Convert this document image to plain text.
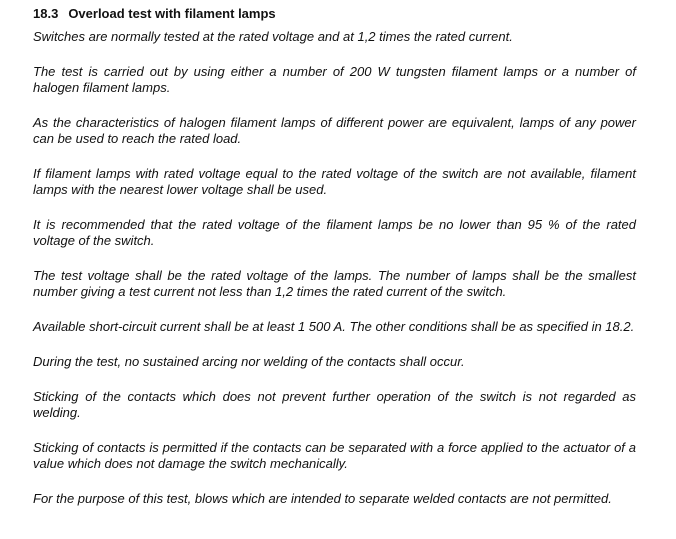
18.3 Overload test with filament lamps

Switches are normally tested at the rated voltage and at 1,2 times the rated current.

The test is carried out by using either a number of 200 W tungsten filament lamps or a number of halogen filament lamps.

As the characteristics of halogen filament lamps of different power are equivalent, lamps of any power can be used to reach the rated load.

If filament lamps with rated voltage equal to the rated voltage of the switch are not available, filament lamps with the nearest lower voltage shall be used.

It is recommended that the rated voltage of the filament lamps be no lower than 95 % of the rated voltage of the switch.

The test voltage shall be the rated voltage of the lamps. The number of lamps shall be the smallest number giving a test current not less than 1,2 times the rated current of the switch.

Available short-circuit current shall be at least 1 500 A. The other conditions shall be as specified in 18.2.

During the test, no sustained arcing nor welding of the contacts shall occur.

Sticking of the contacts which does not prevent further operation of the switch is not regarded as welding.

Sticking of contacts is permitted if the contacts can be separated with a force applied to the actuator of a value which does not damage the switch mechanically.

For the purpose of this test, blows which are intended to separate welded contacts are not permitted.
